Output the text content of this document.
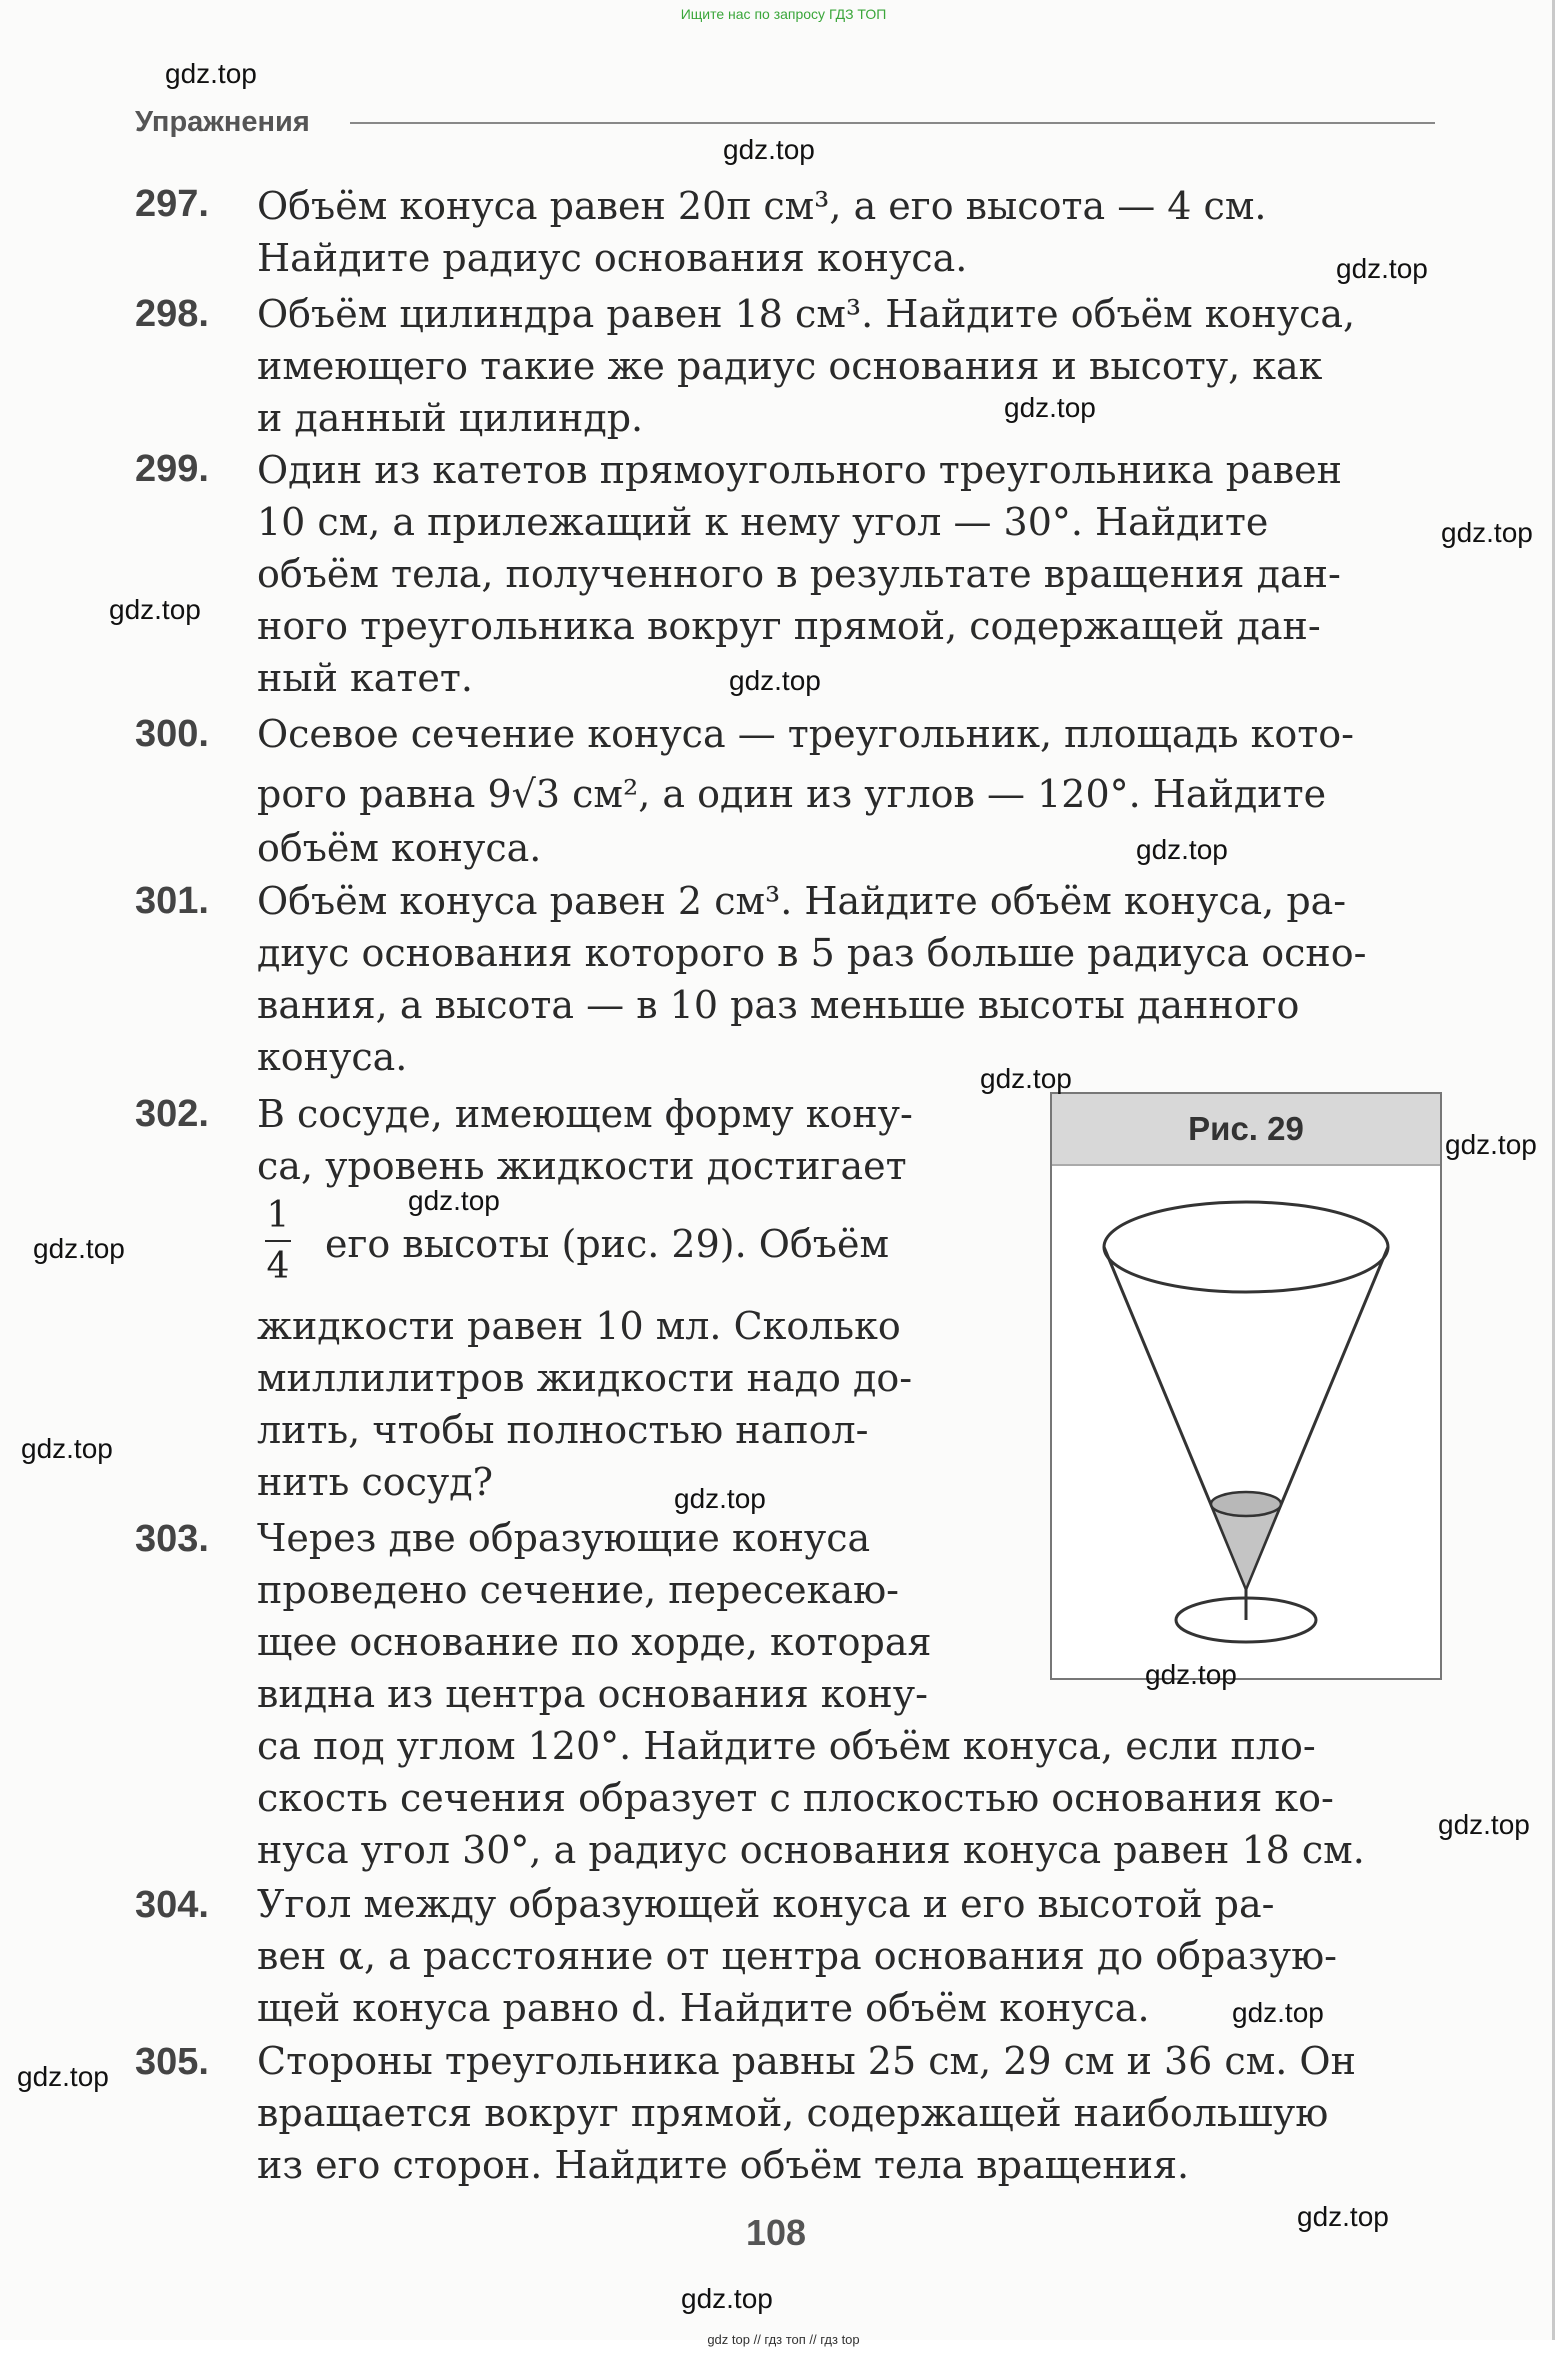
Ищите нас по запросу ГДЗ ТОП
Упражнения
297. Объём конуса равен 20π см³, а его высота — 4 см.
Найдите радиус основания конуса.
298. Объём цилиндра равен 18 см³. Найдите объём конуса,
имеющего такие же радиус основания и высоту, как
и данный цилиндр.
299. Один из катетов прямоугольного треугольника равен
10 см, а прилежащий к нему угол — 30°. Найдите
объём тела, полученного в результате вращения дан-
ного треугольника вокруг прямой, содержащей дан-
ный катет.
300. Осевое сечение конуса — треугольник, площадь кото-
рого равна 9√3 см², а один из углов — 120°. Найдите
объём конуса.
301. Объём конуса равен 2 см³. Найдите объём конуса, ра-
диус основания которого в 5 раз больше радиуса осно-
вания, а высота — в 10 раз меньше высоты данного
конуса.
302. В сосуде, имеющем форму кону-
са, уровень жидкости достигает
1
4
его высоты (рис. 29). Объём
жидкости равен 10 мл. Сколько
миллилитров жидкости надо до-
лить, чтобы полностью напол-
нить сосуд?
303. Через две образующие конуса
проведено сечение, пересекаю-
щее основание по хорде, которая
видна из центра основания кону-
са под углом 120°. Найдите объём конуса, если пло-
скость сечения образует с плоскостью основания ко-
нуса угол 30°, а радиус основания конуса равен 18 см.
304. Угол между образующей конуса и его высотой ра-
вен α, а расстояние от центра основания до образую-
щей конуса равно d. Найдите объём конуса.
305. Стороны треугольника равны 25 см, 29 см и 36 см. Он
вращается вокруг прямой, содержащей наибольшую
из его сторон. Найдите объём тела вращения.
Рис. 29
108
gdz.top
gdz.top
gdz.top
gdz.top
gdz.top
gdz.top
gdz.top
gdz.top
gdz.top
gdz.top
gdz.top
gdz.top
gdz.top
gdz.top
gdz.top
gdz.top
gdz.top
gdz.top
gdz.top
gdz.top
gdz top // гдз топ // гдз top
